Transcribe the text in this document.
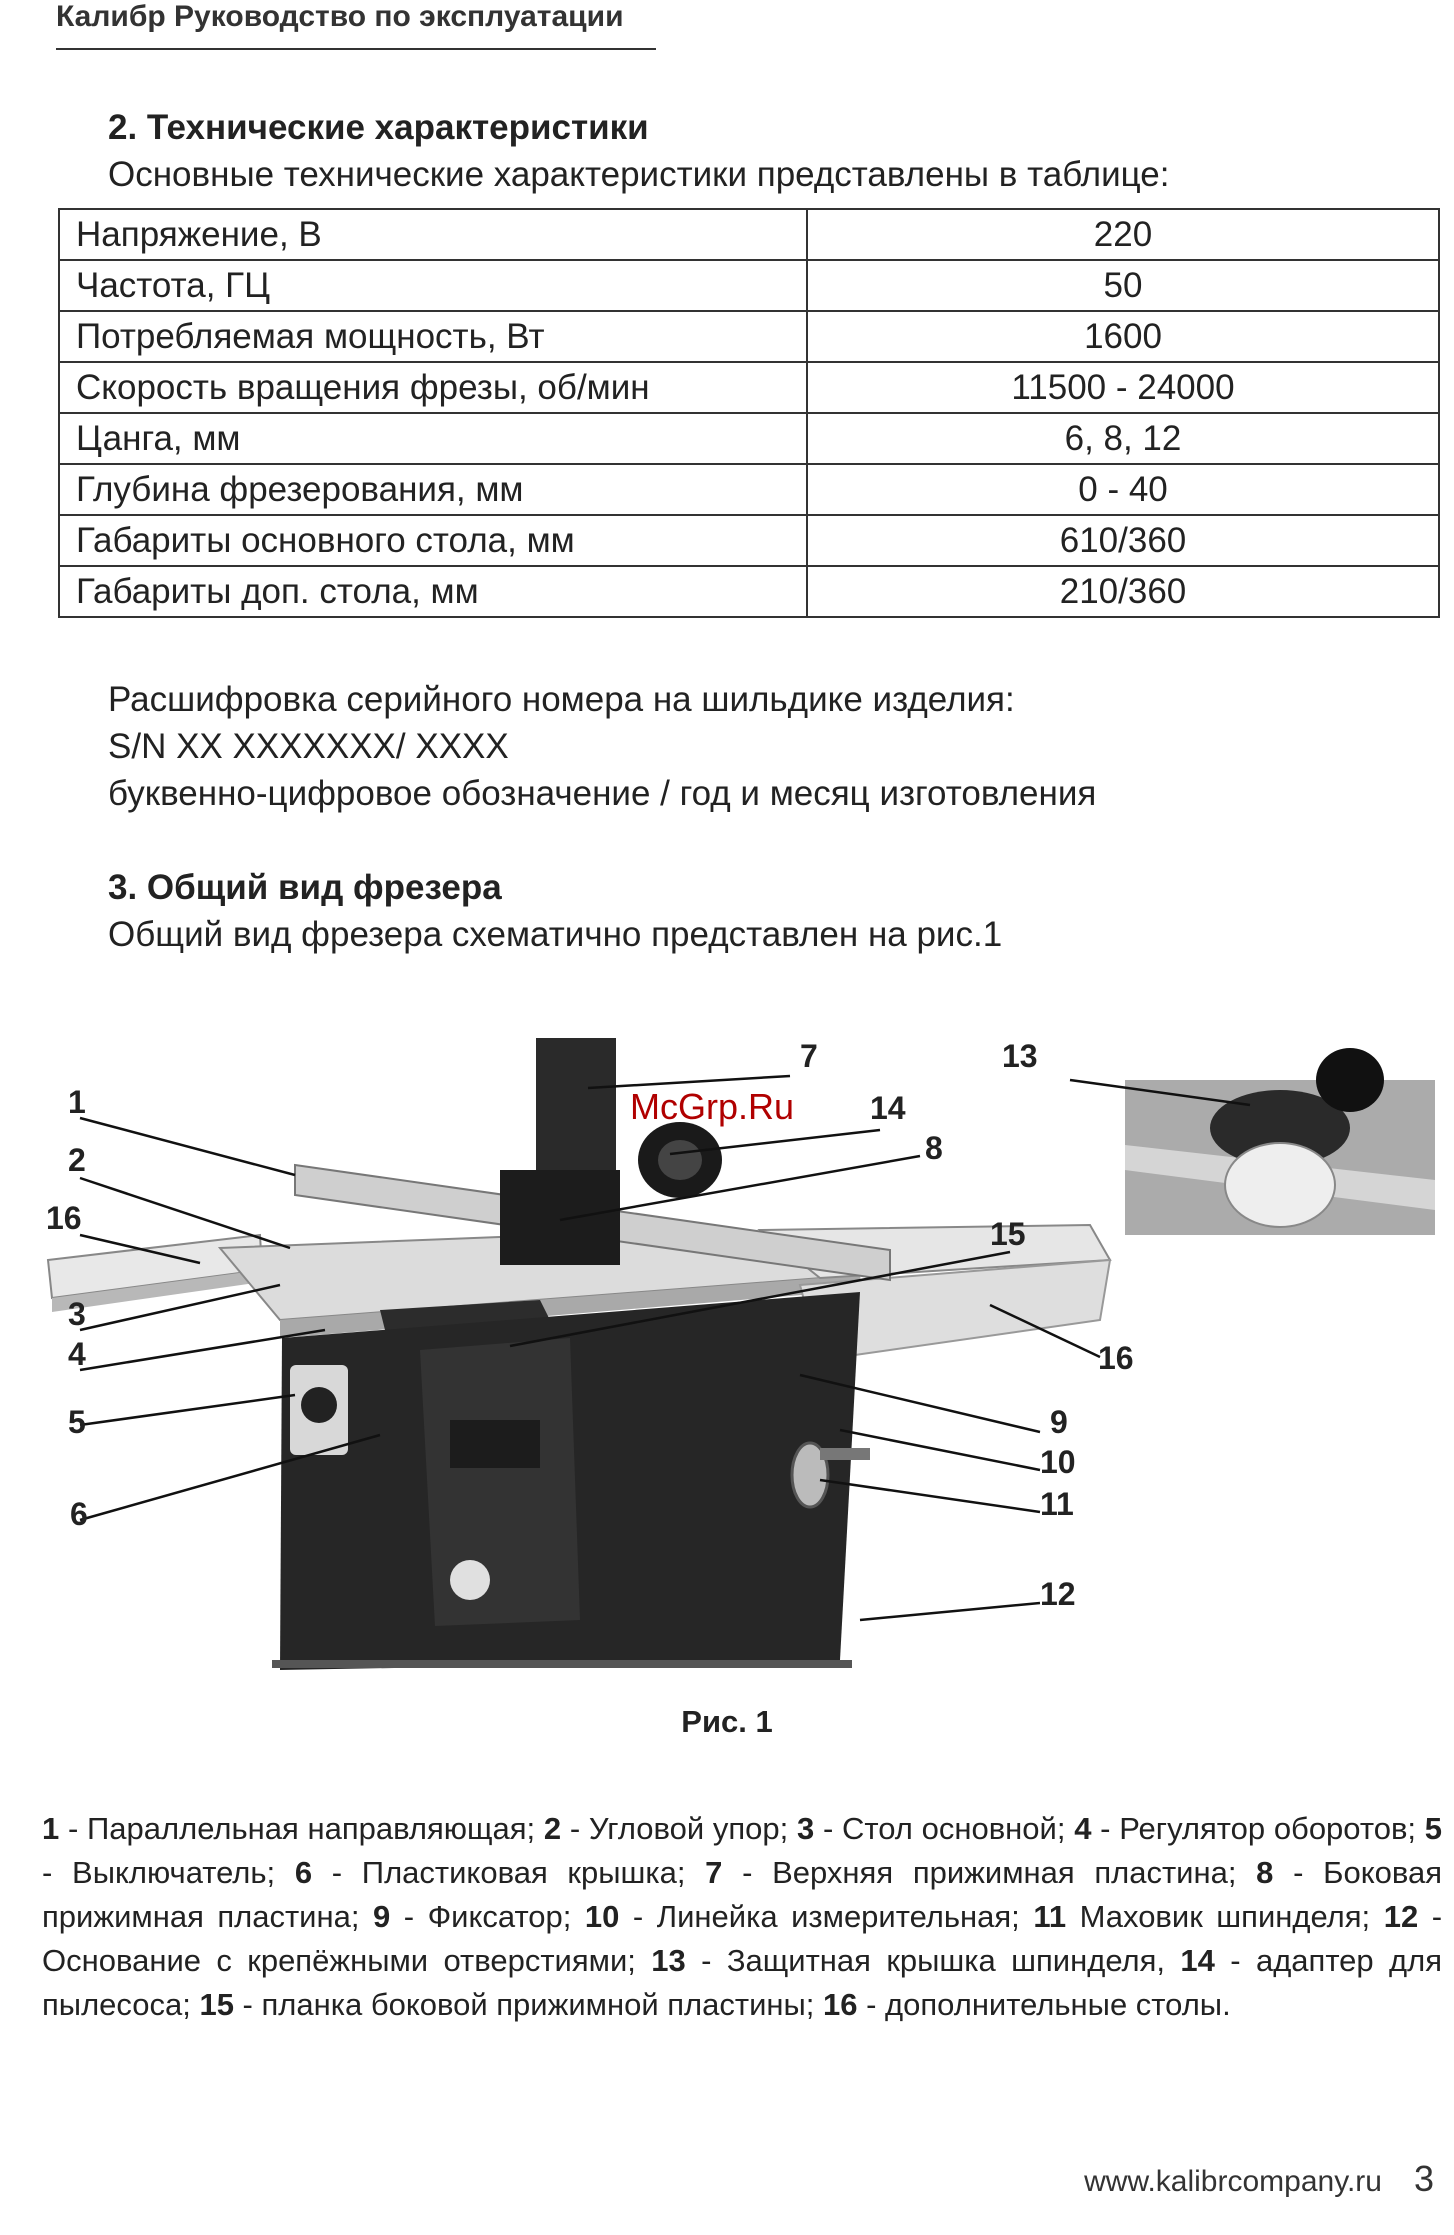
Калибр Руководство по эксплуатации
2. Технические характеристики
Основные технические характеристики представлены в таблице:
Напряжение, В	220
Частота, ГЦ	50
Потребляемая мощность, Вт	1600
Скорость вращения фрезы, об/мин	11500 - 24000
Цанга, мм	6, 8, 12
Глубина фрезерования, мм	0 - 40
Габариты основного стола, мм	610/360
Габариты доп. стола, мм	210/360
Расшифровка серийного номера на шильдике изделия:
S/N XX XXXXXXX/ XXXX
буквенно-цифровое обозначение / год и месяц изготовления
3. Общий вид фрезера
Общий вид фрезера схематично представлен на рис.1
McGrp.Ru
1
2
16
3
4
5
6
7
14
8
15
16
9
10
11
12
13
Рис. 1
1 - Параллельная направляющая; 2 - Угловой упор; 3 - Стол основной; 4 - Регулятор оборотов; 5 - Выключатель; 6 - Пластиковая крышка; 7 - Верхняя прижимная пластина; 8 - Боковая прижимная пластина; 9 - Фиксатор; 10 - Линейка измерительная; 11 Маховик шпинделя; 12 - Основание с крепёжными отверстиями; 13 - Защитная крышка шпинделя, 14 - адаптер для пылесоса; 15 - планка боковой прижимной пластины; 16 - дополнительные столы.
www.kalibrcompany.ru 3
